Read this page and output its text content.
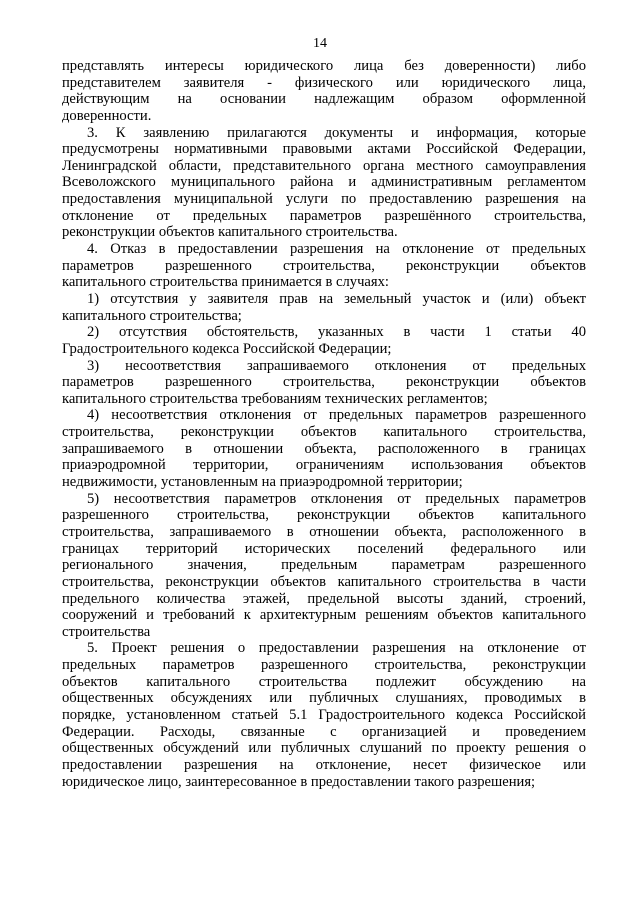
14
представлять интересы юридического лица без доверенности) либо
представителем заявителя - физического или юридического лица,
действующим на основании надлежащим образом оформленной
доверенности.
3. К заявлению прилагаются документы и информация, которые
предусмотрены нормативными правовыми актами Российской Федерации,
Ленинградской области, представительного органа местного самоуправления
Всеволожского муниципального района и административным регламентом
предоставления муниципальной услуги по предоставлению разрешения на
отклонение от предельных параметров разрешённого строительства,
реконструкции объектов капитального строительства.
4. Отказ в предоставлении разрешения на отклонение от предельных
параметров разрешенного строительства, реконструкции объектов
капитального строительства принимается в случаях:
1) отсутствия у заявителя прав на земельный участок и (или) объект
капитального строительства;
2) отсутствия обстоятельств, указанных в части 1 статьи 40
Градостроительного кодекса Российской Федерации;
3) несоответствия запрашиваемого отклонения от предельных
параметров разрешенного строительства, реконструкции объектов
капитального строительства требованиям технических регламентов;
4) несоответствия отклонения от предельных параметров разрешенного
строительства, реконструкции объектов капитального строительства,
запрашиваемого в отношении объекта, расположенного в границах
приаэродромной территории, ограничениям использования объектов
недвижимости, установленным на приаэродромной территории;
5) несоответствия параметров отклонения от предельных параметров
разрешенного строительства, реконструкции объектов капитального
строительства, запрашиваемого в отношении объекта, расположенного в
границах территорий исторических поселений федерального или
регионального значения, предельным параметрам разрешенного
строительства, реконструкции объектов капитального строительства в части
предельного количества этажей, предельной высоты зданий, строений,
сооружений и требований к архитектурным решениям объектов капитального
строительства
5. Проект решения о предоставлении разрешения на отклонение от
предельных параметров разрешенного строительства, реконструкции
объектов капитального строительства подлежит обсуждению на
общественных обсуждениях или публичных слушаниях, проводимых в
порядке, установленном статьей 5.1 Градостроительного кодекса Российской
Федерации. Расходы, связанные с организацией и проведением
общественных обсуждений или публичных слушаний по проекту решения о
предоставлении разрешения на отклонение, несет физическое или
юридическое лицо, заинтересованное в предоставлении такого разрешения;
